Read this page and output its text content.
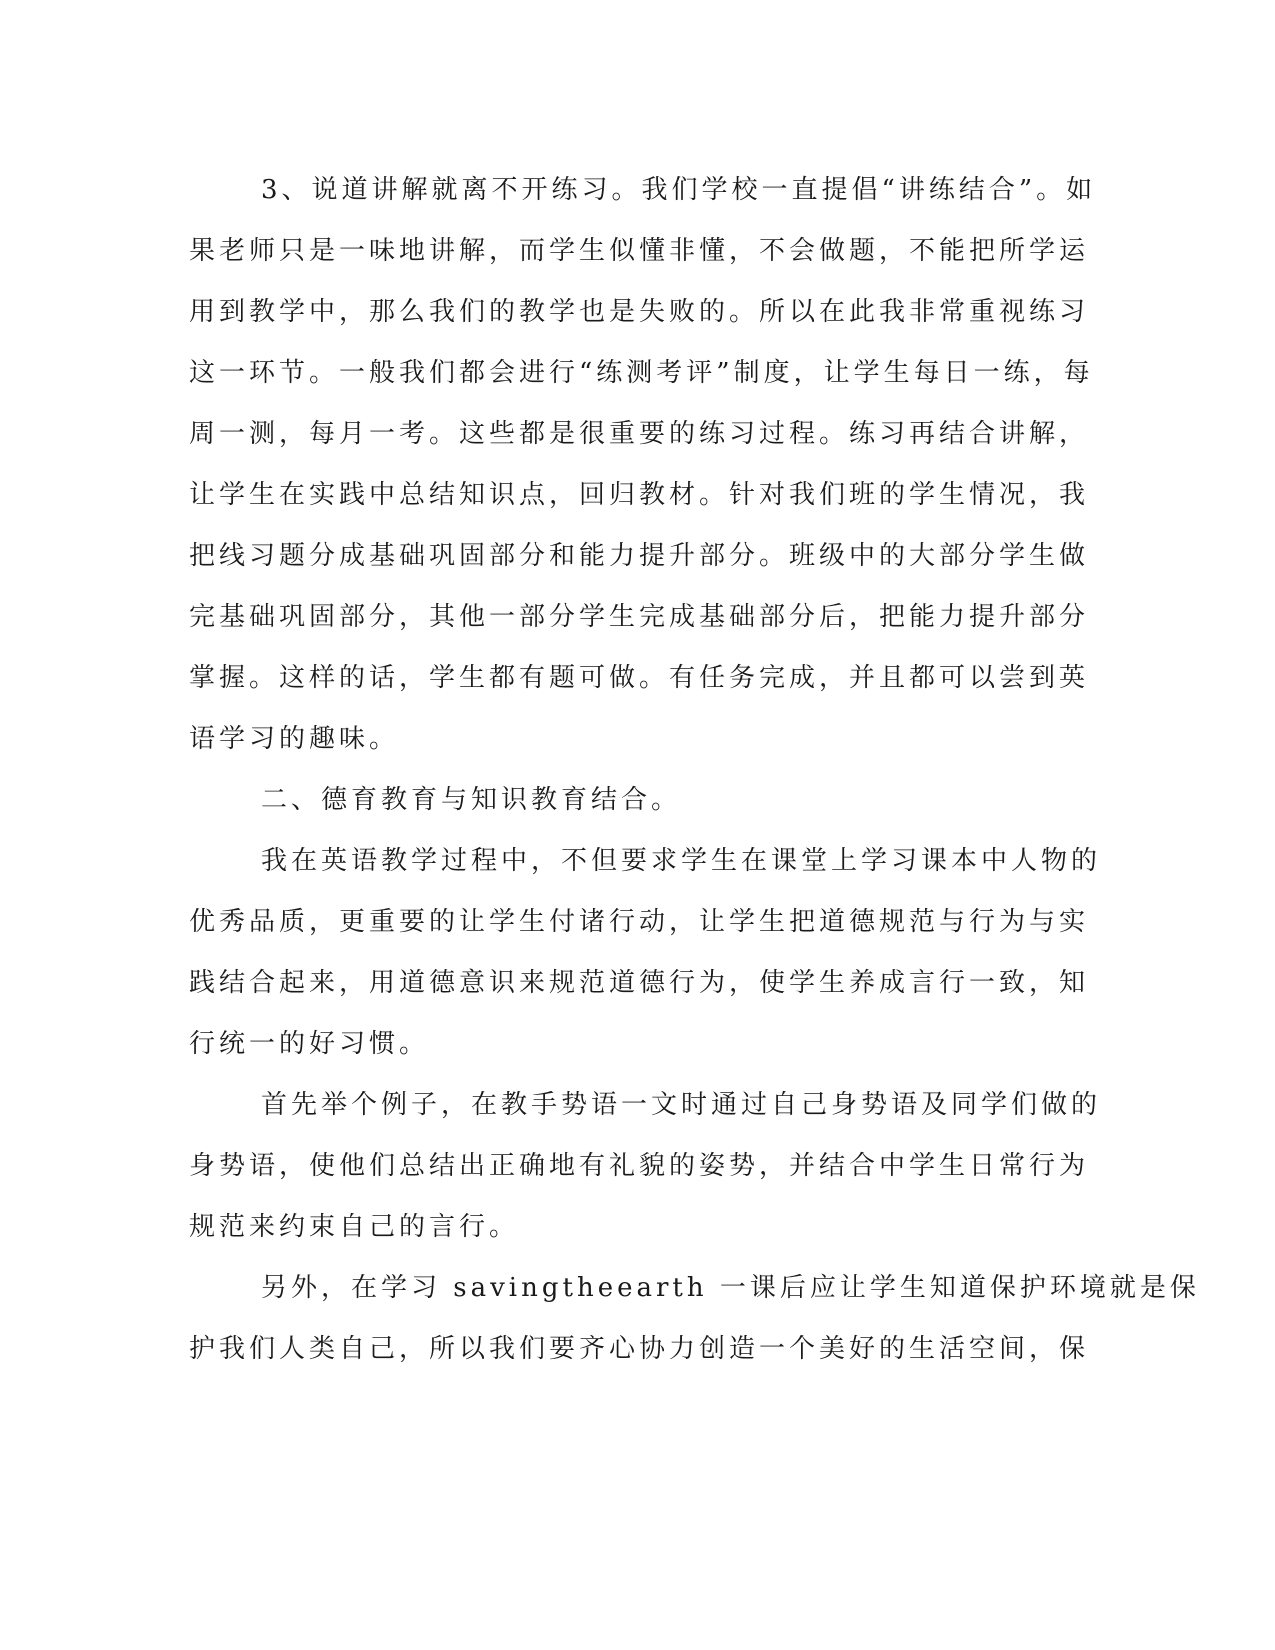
3、说道讲解就离不开练习。我们学校一直提倡“讲练结合”。如
果老师只是一味地讲解，而学生似懂非懂，不会做题，不能把所学运
用到教学中，那么我们的教学也是失败的。所以在此我非常重视练习
这一环节。一般我们都会进行“练测考评”制度，让学生每日一练，每
周一测，每月一考。这些都是很重要的练习过程。练习再结合讲解，
让学生在实践中总结知识点，回归教材。针对我们班的学生情况，我
把线习题分成基础巩固部分和能力提升部分。班级中的大部分学生做
完基础巩固部分，其他一部分学生完成基础部分后，把能力提升部分
掌握。这样的话，学生都有题可做。有任务完成，并且都可以尝到英
语学习的趣味。
二、德育教育与知识教育结合。
我在英语教学过程中，不但要求学生在课堂上学习课本中人物的
优秀品质，更重要的让学生付诸行动，让学生把道德规范与行为与实
践结合起来，用道德意识来规范道德行为，使学生养成言行一致，知
行统一的好习惯。
首先举个例子，在教手势语一文时通过自己身势语及同学们做的
身势语，使他们总结出正确地有礼貌的姿势，并结合中学生日常行为
规范来约束自己的言行。
另外，在学习 savingtheearth 一课后应让学生知道保护环境就是保
护我们人类自己，所以我们要齐心协力创造一个美好的生活空间，保
